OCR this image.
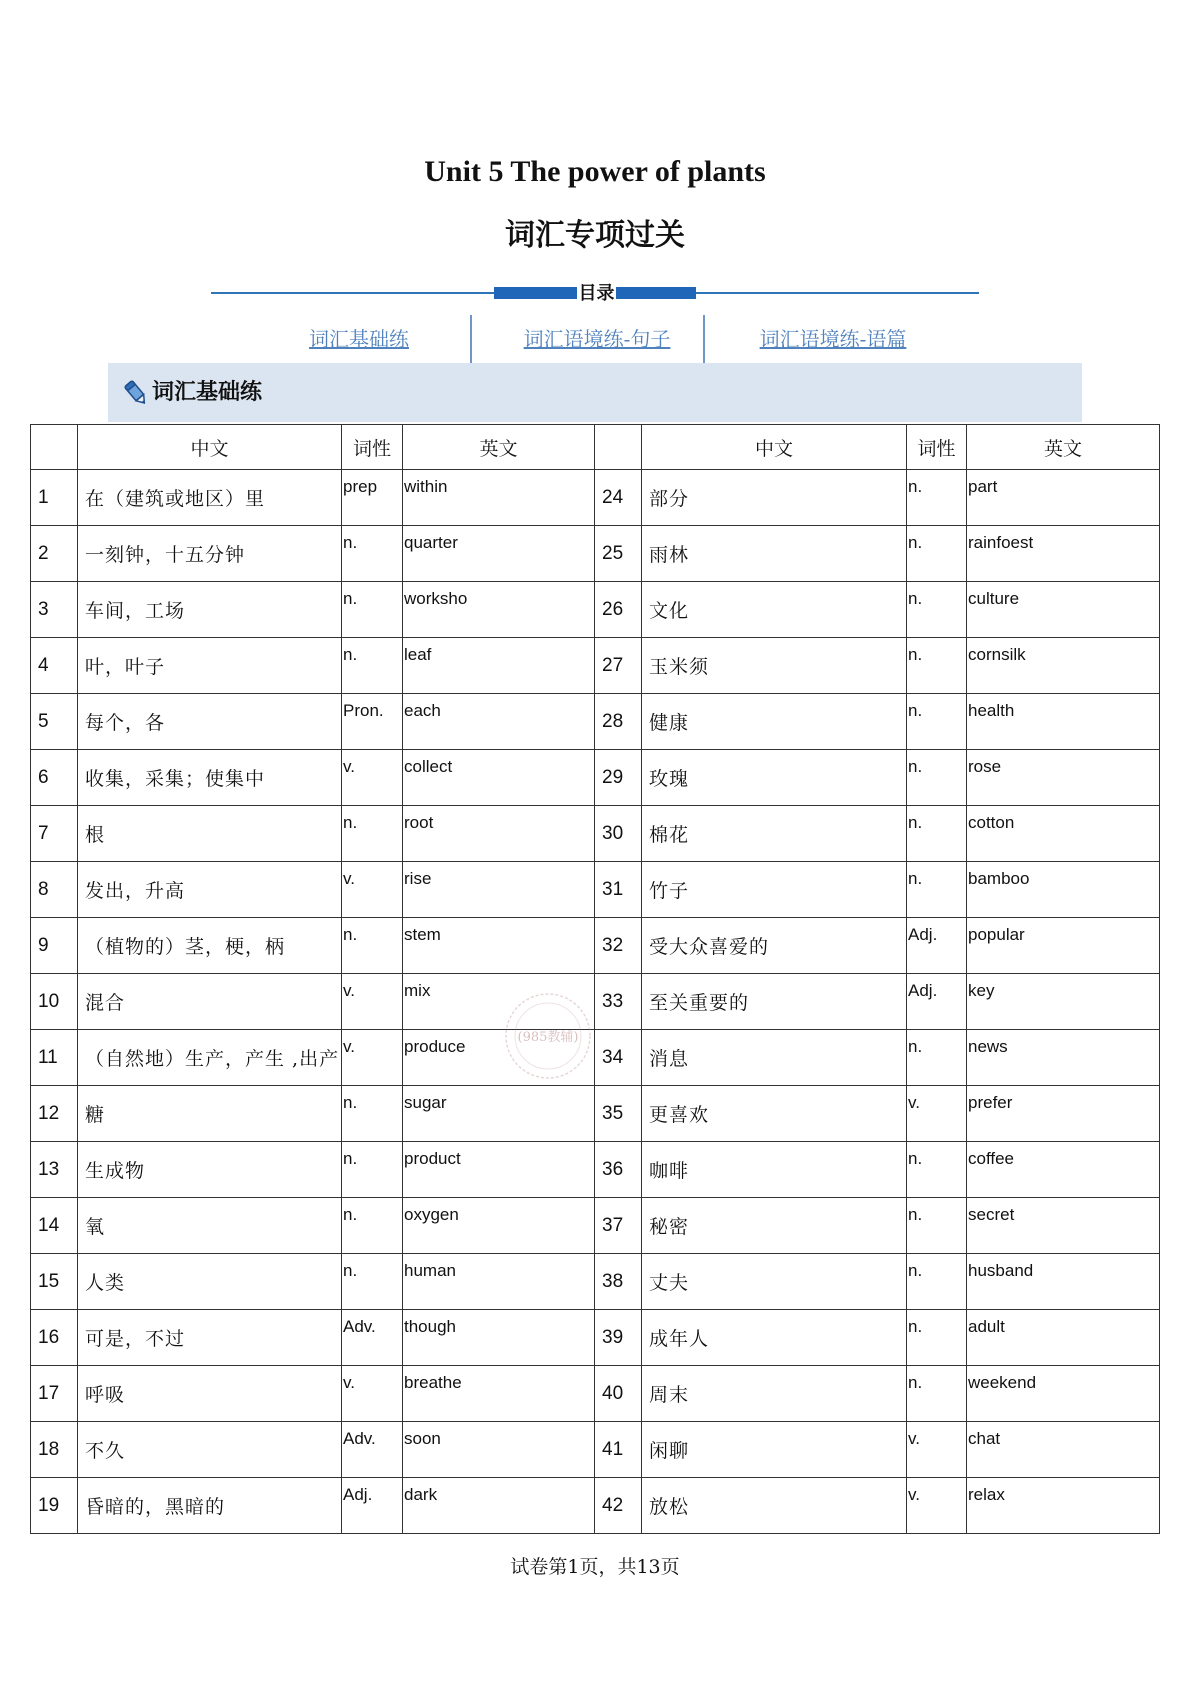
Unit 5 The power of plants
词汇专项过关
目录
词汇基础练	词汇语境练-句子	词汇语境练-语篇
词汇基础练
	中文	词性	英文		中文	词性	英文
1	在（建筑或地区）里	prep	within	24	部分	n.	part
2	一刻钟，十五分钟	n.	quarter	25	雨林	n.	rainfoest
3	车间，工场	n.	worksho	26	文化	n.	culture
4	叶，叶子	n.	leaf	27	玉米须	n.	cornsilk
5	每个，各	Pron.	each	28	健康	n.	health
6	收集，采集；使集中	v.	collect	29	玫瑰	n.	rose
7	根	n.	root	30	棉花	n.	cotton
8	发出，升高	v.	rise	31	竹子	n.	bamboo
9	（植物的）茎，梗，柄	n.	stem	32	受大众喜爱的	Adj.	popular
10	混合	v.	mix	33	至关重要的	Adj.	key
11	（自然地）生产，产生 ,出产	v.	produce	34	消息	n.	news
12	糖	n.	sugar	35	更喜欢	v.	prefer
13	生成物	n.	product	36	咖啡	n.	coffee
14	氧	n.	oxygen	37	秘密	n.	secret
15	人类	n.	human	38	丈夫	n.	husband
16	可是，不过	Adv.	though	39	成年人	n.	adult
17	呼吸	v.	breathe	40	周末	n.	weekend
18	不久	Adv.	soon	41	闲聊	v.	chat
19	昏暗的，黑暗的	Adj.	dark	42	放松	v.	relax
(985教辅)
试卷第1页，共13页
